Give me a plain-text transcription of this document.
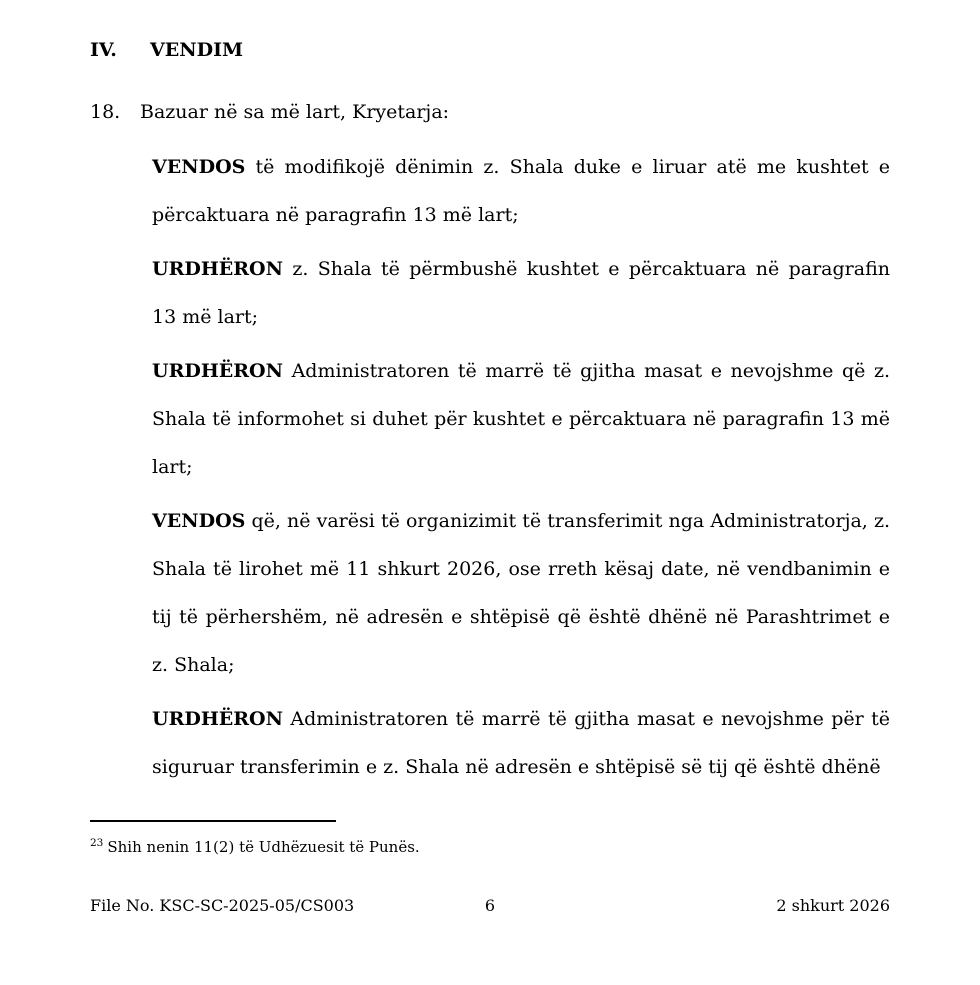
IV. VENDIM
18. Bazuar në sa më lart, Kryetarja:

VENDOS të modifikojë dënimin z. Shala duke e liruar atë me kushtet e përcaktuara në paragrafin 13 më lart;

URDHËRON z. Shala të përmbushë kushtet e përcaktuara në paragrafin 13 më lart;

URDHËRON Administratoren të marrë të gjitha masat e nevojshme që z. Shala të informohet si duhet për kushtet e përcaktuara në paragrafin 13 më lart;

VENDOS që, në varësi të organizimit të transferimit nga Administratorja, z. Shala të lirohet më 11 shkurt 2026, ose rreth kësaj date, në vendbanimin e tij të përhershëm, në adresën e shtëpisë që është dhënë në Parashtrimet e z. Shala;

URDHËRON Administratoren të marrë të gjitha masat e nevojshme për të siguruar transferimin e z. Shala në adresën e shtëpisë së tij që është dhënë

$^{23}$ Shih nenin 11(2) të Udhëzuesit të Punës.
File No. KSC-SC-2025-05/CS003	6	2 shkurt 2026
